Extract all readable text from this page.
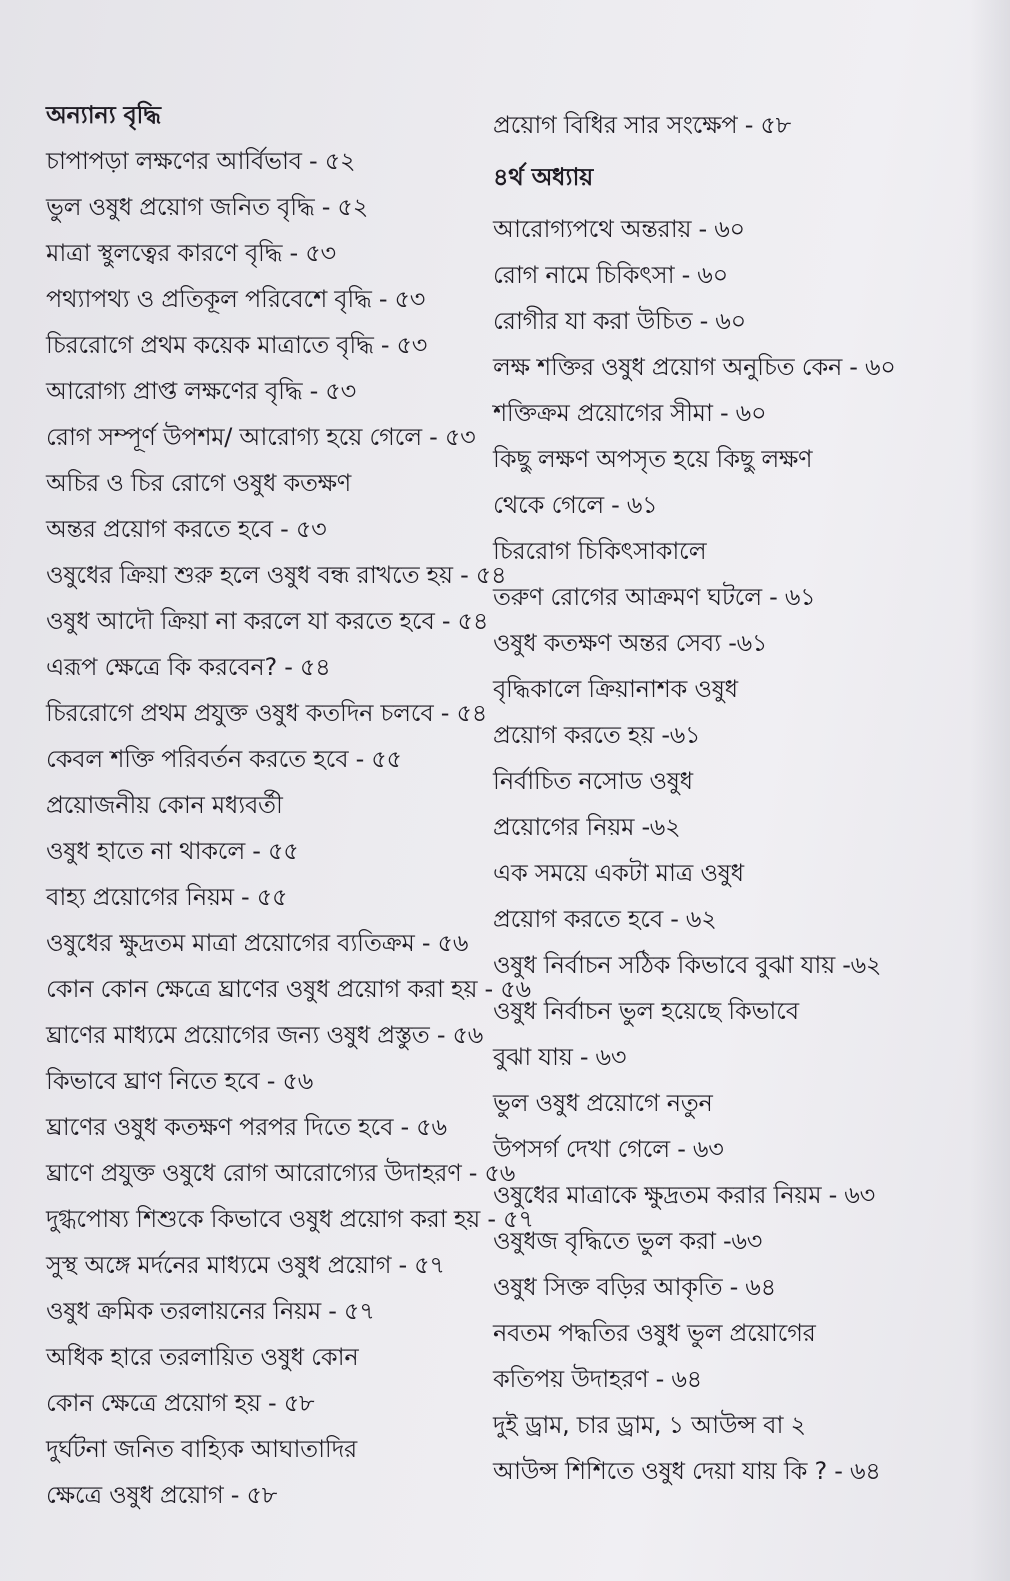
অন্যান্য বৃদ্ধি
চাপাপড়া লক্ষণের আর্বিভাব - ৫২
ভুল ওষুধ প্রয়োগ জনিত বৃদ্ধি - ৫২
মাত্রা স্থুলত্বের কারণে বৃদ্ধি - ৫৩
পথ্যাপথ্য ও প্রতিকূল পরিবেশে বৃদ্ধি - ৫৩
চিররোগে প্রথম কয়েক মাত্রাতে বৃদ্ধি - ৫৩
আরোগ্য প্রাপ্ত লক্ষণের বৃদ্ধি - ৫৩
রোগ সম্পূর্ণ উপশম/ আরোগ্য হয়ে গেলে - ৫৩
অচির ও চির রোগে ওষুধ কতক্ষণ
অন্তর প্রয়োগ করতে হবে - ৫৩
ওষুধের ক্রিয়া শুরু হলে ওষুধ বন্ধ রাখতে হয় - ৫৪
ওষুধ আদৌ ক্রিয়া না করলে যা করতে হবে - ৫৪
এরূপ ক্ষেত্রে কি করবেন? - ৫৪
চিররোগে প্রথম প্রযুক্ত ওষুধ কতদিন চলবে - ৫৪
কেবল শক্তি পরিবর্তন করতে হবে - ৫৫
প্রয়োজনীয় কোন মধ্যবর্তী
ওষুধ হাতে না থাকলে - ৫৫
বাহ্য প্রয়োগের নিয়ম - ৫৫
ওষুধের ক্ষুদ্রতম মাত্রা প্রয়োগের ব্যতিক্রম - ৫৬
কোন কোন ক্ষেত্রে ঘ্রাণের ওষুধ প্রয়োগ করা হয় - ৫৬
ঘ্রাণের মাধ্যমে প্রয়োগের জন্য ওষুধ প্রস্তুত - ৫৬
কিভাবে ঘ্রাণ নিতে হবে - ৫৬
ঘ্রাণের ওষুধ কতক্ষণ পরপর দিতে হবে - ৫৬
ঘ্রাণে প্রযুক্ত ওষুধে রোগ আরোগ্যের উদাহরণ - ৫৬
দুগ্ধপোষ্য শিশুকে কিভাবে ওষুধ প্রয়োগ করা হয় - ৫৭
সুস্থ অঙ্গে মর্দনের মাধ্যমে ওষুধ প্রয়োগ - ৫৭
ওষুধ ক্রমিক তরলায়নের নিয়ম - ৫৭
অধিক হারে তরলায়িত ওষুধ কোন
কোন ক্ষেত্রে প্রয়োগ হয় - ৫৮
দুর্ঘটনা জনিত বাহ্যিক আঘাতাদির
ক্ষেত্রে ওষুধ প্রয়োগ - ৫৮
প্রয়োগ বিধির সার সংক্ষেপ - ৫৮
৪র্থ অধ্যায়
আরোগ্যপথে অন্তরায় - ৬০
রোগ নামে চিকিৎসা - ৬০
রোগীর যা করা উচিত - ৬০
লক্ষ শক্তির ওষুধ প্রয়োগ অনুচিত কেন - ৬০
শক্তিক্রম প্রয়োগের সীমা - ৬০
কিছু লক্ষণ অপসৃত হয়ে কিছু লক্ষণ
থেকে গেলে - ৬১
চিররোগ চিকিৎসাকালে
তরুণ রোগের আক্রমণ ঘটলে - ৬১
ওষুধ কতক্ষণ অন্তর সেব্য -৬১
বৃদ্ধিকালে ক্রিয়ানাশক ওষুধ
প্রয়োগ করতে হয় -৬১
নির্বাচিত নসোড ওষুধ
প্রয়োগের নিয়ম -৬২
এক সময়ে একটা মাত্র ওষুধ
প্রয়োগ করতে হবে - ৬২
ওষুধ নির্বাচন সঠিক কিভাবে বুঝা যায় -৬২
ওষুধ নির্বাচন ভুল হয়েছে কিভাবে
বুঝা যায় - ৬৩
ভুল ওষুধ প্রয়োগে নতুন
উপসর্গ দেখা গেলে - ৬৩
ওষুধের মাত্রাকে ক্ষুদ্রতম করার নিয়ম - ৬৩
ওষুধজ বৃদ্ধিতে ভুল করা -৬৩
ওষুধ সিক্ত বড়ির আকৃতি - ৬৪
নবতম পদ্ধতির ওষুধ ভুল প্রয়োগের
কতিপয় উদাহরণ - ৬৪
দুই ড্রাম, চার ড্রাম, ১ আউন্স বা ২
আউন্স শিশিতে ওষুধ দেয়া যায় কি ? - ৬৪
